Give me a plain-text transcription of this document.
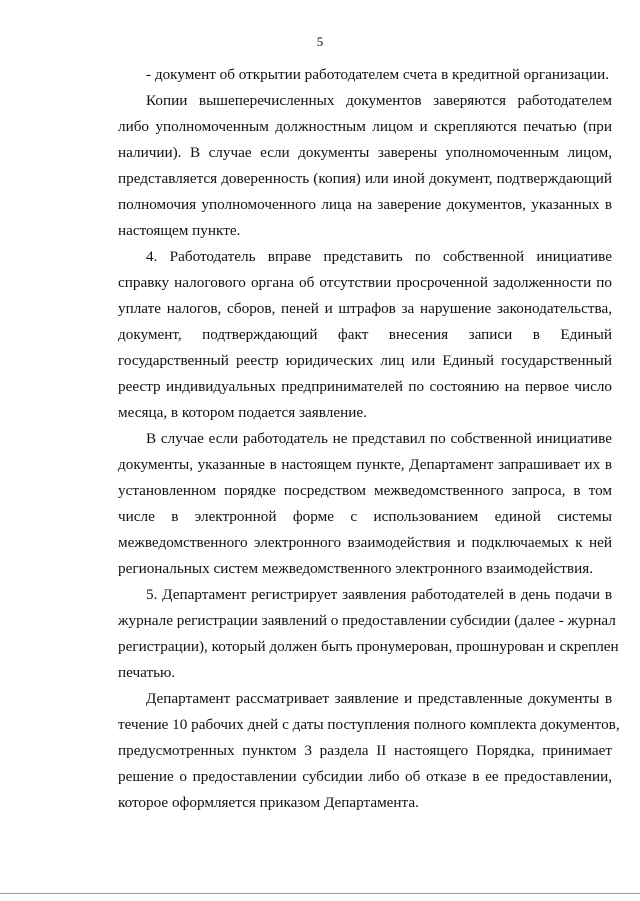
5
- документ об открытии работодателем счета в кредитной организации.
Копии вышеперечисленных документов заверяются работодателем
либо уполномоченным должностным лицом и скрепляются печатью (при
наличии). В случае если документы заверены уполномоченным лицом,
представляется доверенность (копия) или иной документ, подтверждающий
полномочия уполномоченного лица на заверение документов, указанных в
настоящем пункте.
4. Работодатель вправе представить по собственной инициативе
справку налогового органа об отсутствии просроченной задолженности по
уплате налогов, сборов, пеней и штрафов за нарушение законодательства,
документ, подтверждающий факт внесения записи в Единый
государственный реестр юридических лиц или Единый государственный
реестр индивидуальных предпринимателей по состоянию на первое число
месяца, в котором подается заявление.
В случае если работодатель не представил по собственной инициативе
документы, указанные в настоящем пункте, Департамент запрашивает их в
установленном порядке посредством межведомственного запроса, в том
числе в электронной форме с использованием единой системы
межведомственного электронного взаимодействия и подключаемых к ней
региональных систем межведомственного электронного взаимодействия.
5. Департамент регистрирует заявления работодателей в день подачи в
журнале регистрации заявлений о предоставлении субсидии (далее - журнал
регистрации), который должен быть пронумерован, прошнурован и скреплен
печатью.
Департамент рассматривает заявление и представленные документы в
течение 10 рабочих дней с даты поступления полного комплекта документов,
предусмотренных пунктом 3 раздела II настоящего Порядка, принимает
решение о предоставлении субсидии либо об отказе в ее предоставлении,
которое оформляется приказом Департамента.
